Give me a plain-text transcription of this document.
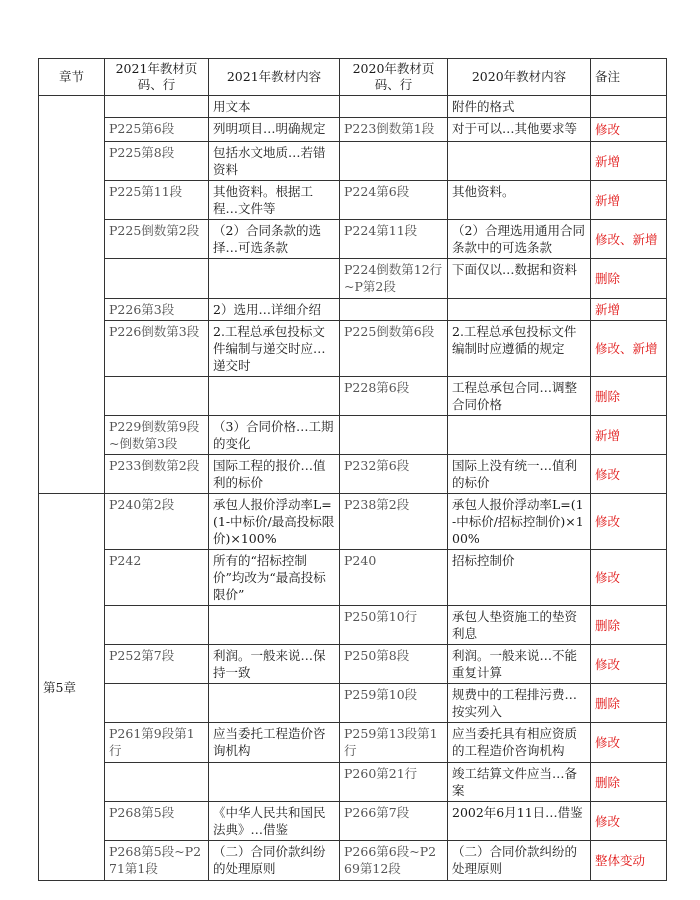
章节	2021年教材页码、行	2021年教材内容	2020年教材页码、行	2020年教材内容	备注
		用文本		附件的格式	
	P225第6段	列明项目…明确规定	P223倒数第1段	对于可以…其他要求等	修改
	P225第8段	包括水文地质…若错资料			新增
	P225第11段	其他资料。根据工程…文件等	P224第6段	其他资料。	新增
	P225倒数第2段	（2）合同条款的选择…可选条款	P224第11段	（2）合理选用通用合同条款中的可选条款	修改、新增
			P224倒数第12行~P第2段	下面仅以…数据和资料	删除
	P226第3段	2）选用…详细介绍			新增
	P226倒数第3段	2.工程总承包投标文件编制与递交时应…递交时	P225倒数第6段	2.工程总承包投标文件编制时应遵循的规定	修改、新增
			P228第6段	工程总承包合同…调整合同价格	删除
	P229倒数第9段~倒数第3段	（3）合同价格…工期的变化			新增
	P233倒数第2段	国际工程的报价…值利的标价	P232第6段	国际上没有统一…值利的标价	修改
第5章	P240第2段	承包人报价浮动率L=(1-中标价/最高投标限价)×100%	P238第2段	承包人报价浮动率L=(1-中标价/招标控制价)×100%	修改
	P242	所有的“招标控制价”均改为“最高投标限价”	P240	招标控制价	修改
			P250第10行	承包人垫资施工的垫资利息	删除
	P252第7段	利润。一般来说…保持一致	P250第8段	利润。一般来说…不能重复计算	修改
			P259第10段	规费中的工程排污费…按实列入	删除
	P261第9段第1行	应当委托工程造价咨询机构	P259第13段第1行	应当委托具有相应资质的工程造价咨询机构	修改
			P260第21行	竣工结算文件应当…备案	删除
	P268第5段	《中华人民共和国民法典》…借鉴	P266第7段	2002年6月11日…借鉴	修改
	P268第5段~P271第1段	（二）合同价款纠纷的处理原则	P266第6段~P269第12段	（二）合同价款纠纷的处理原则	整体变动
